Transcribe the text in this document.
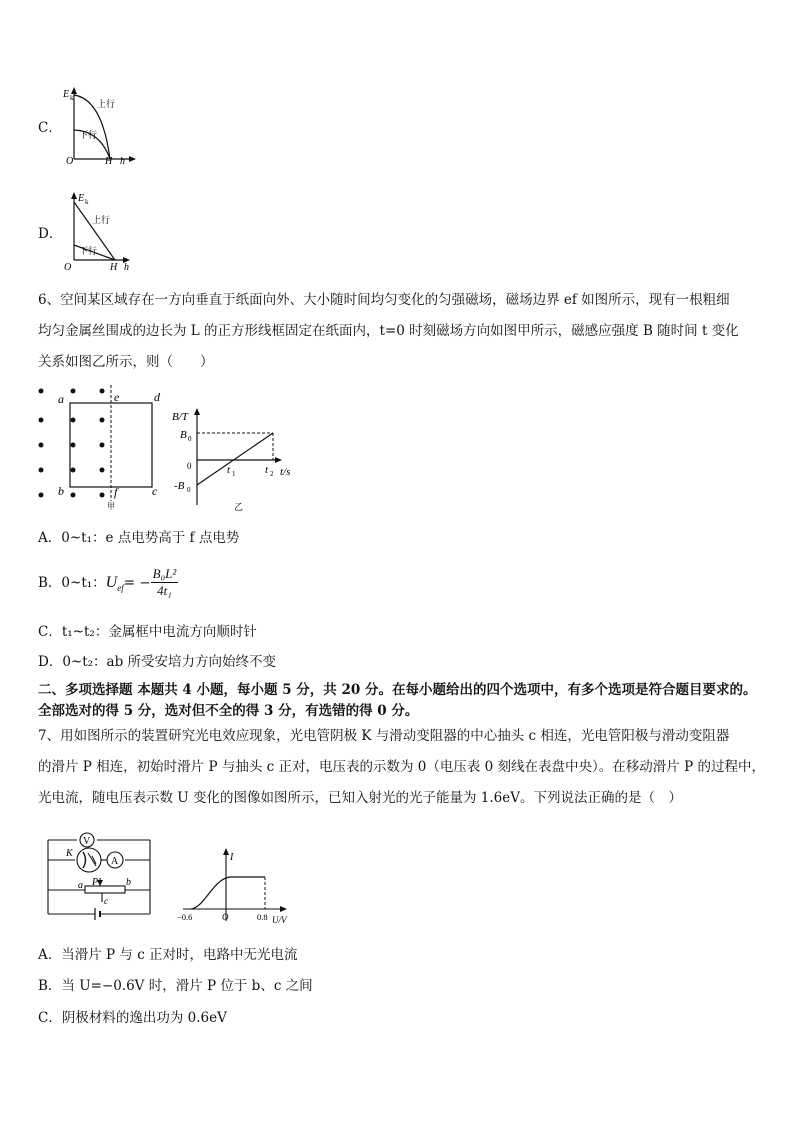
C．
E k
上行
下行
O	H h
D．
E k
上行
下行
O	H h
6、空间某区域存在一方向垂直于纸面向外、大小随时间均匀变化的匀强磁场，磁场边界 ef 如图所示，现有一根粗细
均匀金属丝围成的边长为 L 的正方形线框固定在纸面内，t=0 时刻磁场方向如图甲所示，磁感应强度 B 随时间 t 变化
关系如图乙所示，则（　　）
a	d
e
b	c
f
甲
B/T
B 0
0
-B 0
t 1	t 2 t/s
乙
A．0~t₁：e 点电势高于 f 点电势
B．0~t₁： U ef = − $\frac{\text{B₀L²}}{\text{4t₁}}$
C．t₁~t₂：金属框中电流方向顺时针
D．0~t₂：ab 所受安培力方向始终不变
二、多项选择题 本题共 4 小题，每小题 5 分，共 20 分。在每小题给出的四个选项中，有多个选项是符合题目要求的。
全部选对的得 5 分，选对但不全的得 3 分，有选错的得 0 分。
7、用如图所示的装置研究光电效应现象，光电管阴极 K 与滑动变阻器的中心抽头 c 相连，光电管阳极与滑动变阻器
的滑片 P 相连，初始时滑片 P 与抽头 c 正对，电压表的示数为 0（电压表 0 刻线在表盘中央）。在移动滑片 P 的过程中，
光电流，随电压表示数 U 变化的图像如图所示，已知入射光的光子能量为 1.6eV。下列说法正确的是（　）
V
K
A
a P	b
c
I
−0.6	O	0.8 U/V
A．当滑片 P 与 c 正对时，电路中无光电流
B．当 U=−0.6V 时，滑片 P 位于 b、c 之间
C．阴极材料的逸出功为 0.6eV
